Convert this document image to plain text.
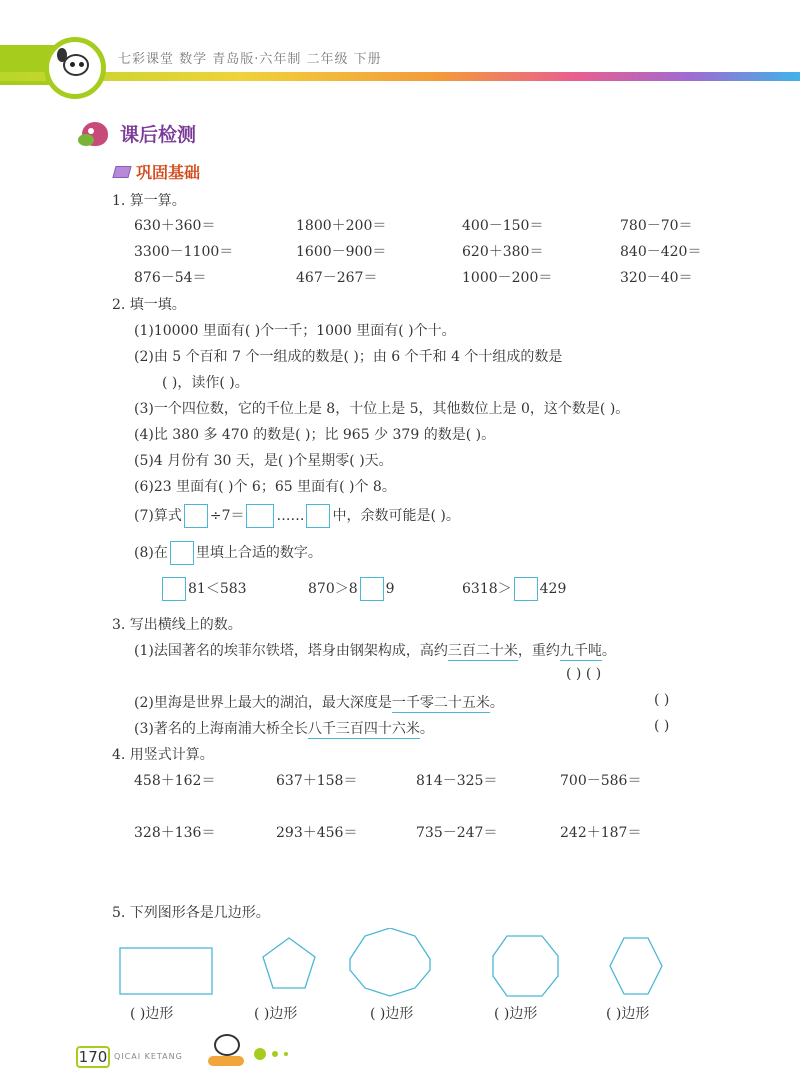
七彩课堂 数学 青岛版·六年制 二年级 下册
课后检测
巩固基础
1. 算一算。
630＋360＝	1800＋200＝	400－150＝	780－70＝
3300－1100＝	1600－900＝	620＋380＝	840－420＝
876－54＝	467－267＝	1000－200＝	320－40＝
2. 填一填。
(1)10000 里面有( )个一千；1000 里面有( )个十。
(2)由 5 个百和 7 个一组成的数是( )；由 6 个千和 4 个十组成的数是
( )，读作( )。
(3)一个四位数，它的千位上是 8，十位上是 5，其他数位上是 0，这个数是( )。
(4)比 380 多 470 的数是( )；比 965 少 379 的数是( )。
(5)4 月份有 30 天，是( )个星期零( )天。
(6)23 里面有( )个 6；65 里面有( )个 8。
(7)算式 ÷7＝ …… 中，余数可能是( )。
(8)在 里填上合适的数字。
81＜583	870＞8 9	6318＞ 429
3. 写出横线上的数。
(1)法国著名的埃菲尔铁塔，塔身由钢架构成，高约三百二十米，重约九千吨。
( ) ( )
(2)里海是世界上最大的湖泊，最大深度是一千零二十五米。	( )
(3)著名的上海南浦大桥全长八千三百四十六米。	( )
4. 用竖式计算。
458＋162＝	637＋158＝	814－325＝	700－586＝
328＋136＝	293＋456＝	735－247＝	242＋187＝
5. 下列图形各是几边形。
( )边形	( )边形	( )边形	( )边形	( )边形
170 QICAI KETANG
